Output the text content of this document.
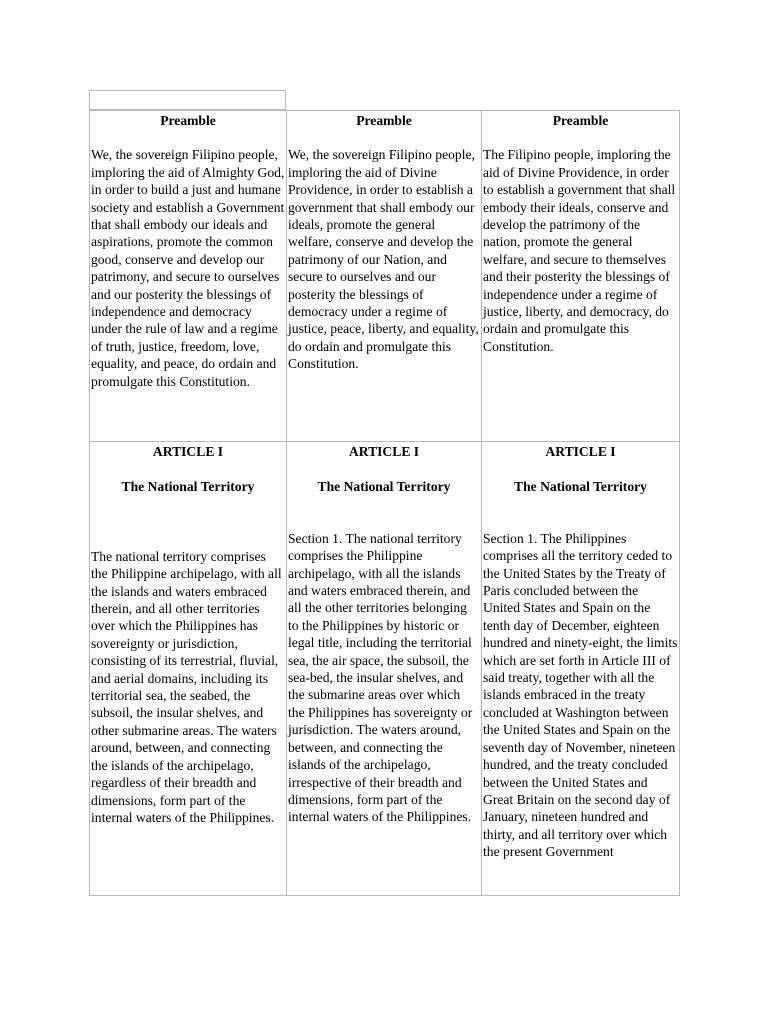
Preamble

We, the sovereign Filipino people, imploring the aid of Almighty God, in order to build a just and humane society and establish a Government that shall embody our ideals and aspirations, promote the common good, conserve and develop our patrimony, and secure to ourselves and our posterity the blessings of independence and democracy under the rule of law and a regime of truth, justice, freedom, love, equality, and peace, do ordain and promulgate this Constitution.

Preamble

We, the sovereign Filipino people, imploring the aid of Divine Providence, in order to establish a government that shall embody our ideals, promote the general welfare, conserve and develop the patrimony of our Nation, and secure to ourselves and our posterity the blessings of democracy under a regime of justice, peace, liberty, and equality, do ordain and promulgate this Constitution.

Preamble

The Filipino people, imploring the aid of Divine Providence, in order to establish a government that shall embody their ideals, conserve and develop the patrimony of the nation, promote the general welfare, and secure to themselves and their posterity the blessings of independence under a regime of justice, liberty, and democracy, do ordain and promulgate this Constitution.

ARTICLE I
The National Territory

The national territory comprises the Philippine archipelago, with all the islands and waters embraced therein, and all other territories over which the Philippines has sovereignty or jurisdiction, consisting of its terrestrial, fluvial, and aerial domains, including its territorial sea, the seabed, the subsoil, the insular shelves, and other submarine areas. The waters around, between, and connecting the islands of the archipelago, regardless of their breadth and dimensions, form part of the internal waters of the Philippines.

ARTICLE I
The National Territory

Section 1. The national territory comprises the Philippine archipelago, with all the islands and waters embraced therein, and all the other territories belonging to the Philippines by historic or legal title, including the territorial sea, the air space, the subsoil, the sea-bed, the insular shelves, and the submarine areas over which the Philippines has sovereignty or jurisdiction. The waters around, between, and connecting the islands of the archipelago, irrespective of their breadth and dimensions, form part of the internal waters of the Philippines.

ARTICLE I
The National Territory

Section 1. The Philippines comprises all the territory ceded to the United States by the Treaty of Paris concluded between the United States and Spain on the tenth day of December, eighteen hundred and ninety-eight, the limits which are set forth in Article III of said treaty, together with all the islands embraced in the treaty concluded at Washington between the United States and Spain on the seventh day of November, nineteen hundred, and the treaty concluded between the United States and Great Britain on the second day of January, nineteen hundred and thirty, and all territory over which the present Government
